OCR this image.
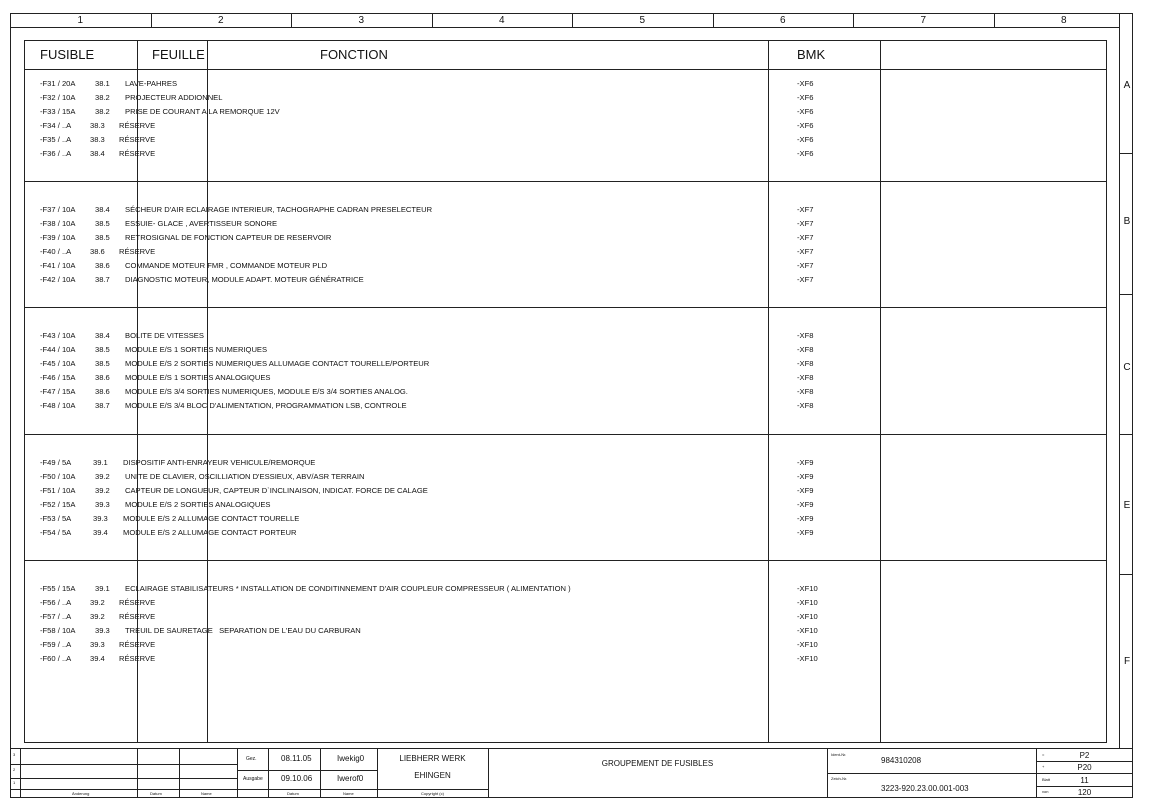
1	2	3	4	5	6	7	8
A
B
C
E
F
FUSIBLE	FEUILLE	FONCTION	BMK
-F31 / 20A	38.1 LAVE-PAHRES	-XF6
-F32 / 10A	38.2 PROJECTEUR ADDIONNEL	-XF6
-F33 / 15A	38.2 PRISE DE COURANT A LA REMORQUE 12V	-XF6
-F34 / ..A 38.3 RÉSERVE	-XF6
-F35 / ..A 38.3 RÉSERVE	-XF6
-F36 / ..A 38.4 RÉSERVE	-XF6
-F37 / 10A	38.4 SÉCHEUR D'AIR ECLAIRAGE INTERIEUR, TACHOGRAPHE CADRAN PRESELECTEUR	-XF7
-F38 / 10A	38.5 ESSUIE- GLACE , AVERTISSEUR SONORE	-XF7
-F39 / 10A	38.5 RETROSIGNAL DE FONCTION CAPTEUR DE RESERVOIR	-XF7
-F40 / ..A 38.6 RÉSERVE	-XF7
-F41 / 10A	38.6 COMMANDE MOTEUR FMR , COMMANDE MOTEUR PLD	-XF7
-F42 / 10A	38.7 DIAGNOSTIC MOTEUR, MODULE ADAPT. MOTEUR GÉNÉRATRICE	-XF7
-F43 / 10A	38.4 BOLITE DE VITESSES	-XF8
-F44 / 10A	38.5 MODULE E/S 1 SORTIES NUMERIQUES	-XF8
-F45 / 10A	38.5 MODULE E/S 2 SORTIES NUMERIQUES ALLUMAGE CONTACT TOURELLE/PORTEUR	-XF8
-F46 / 15A	38.6 MODULE E/S 1 SORTIES ANALOGIQUES	-XF8
-F47 / 15A	38.6 MODULE E/S 3/4 SORTIES NUMERIQUES, MODULE E/S 3/4 SORTIES ANALOG.	-XF8
-F48 / 10A	38.7 MODULE E/S 3/4 BLOC D'ALIMENTATION, PROGRAMMATION LSB, CONTROLE	-XF8
-F49 / 5A	39.1 DISPOSITIF ANTI-ENRAYEUR VEHICULE/REMORQUE	-XF9
-F50 / 10A	39.2 UNITE DE CLAVIER, OSCILLIATION D'ESSIEUX, ABV/ASR TERRAIN	-XF9
-F51 / 10A	39.2 CAPTEUR DE LONGUEUR, CAPTEUR D`INCLINAISON, INDICAT. FORCE DE CALAGE	-XF9
-F52 / 15A	39.3 MODULE E/S 2 SORTIES ANALOGIQUES	-XF9
-F53 / 5A	39.3 MODULE E/S 2 ALLUMAGE CONTACT TOURELLE	-XF9
-F54 / 5A	39.4 MODULE E/S 2 ALLUMAGE CONTACT PORTEUR	-XF9
-F55 / 15A	39.1 ECLAIRAGE STABILISATEURS * INSTALLATION DE CONDITINNEMENT D'AIR COUPLEUR COMPRESSEUR ( ALIMENTATION )	-XF10
-F56 / ..A 39.2 RÉSERVE	-XF10
-F57 / ..A 39.2 RÉSERVE	-XF10
-F58 / 10A	39.3 TREUIL DE SAURETAGE   SEPARATION DE L'EAU DU CARBURAN	-XF10
-F59 / ..A 39.3 RÉSERVE	-XF10
-F60 / ..A 39.4 RÉSERVE	-XF10
3
2
1
Änderung	Datum	Name
Gez.	08.11.05	Iwekig0
Ausgabe 09.10.06	Iwerof0
Datum	Name
LIEBHERR WERK
EHINGEN
Copyright (c)
GROUPEMENT DE FUSIBLES
Ident-Nr.
984310208
Zeich-Nr.
3223-920.23.00.001-003
=	P2
+	P20
Blatt	11
von	120
